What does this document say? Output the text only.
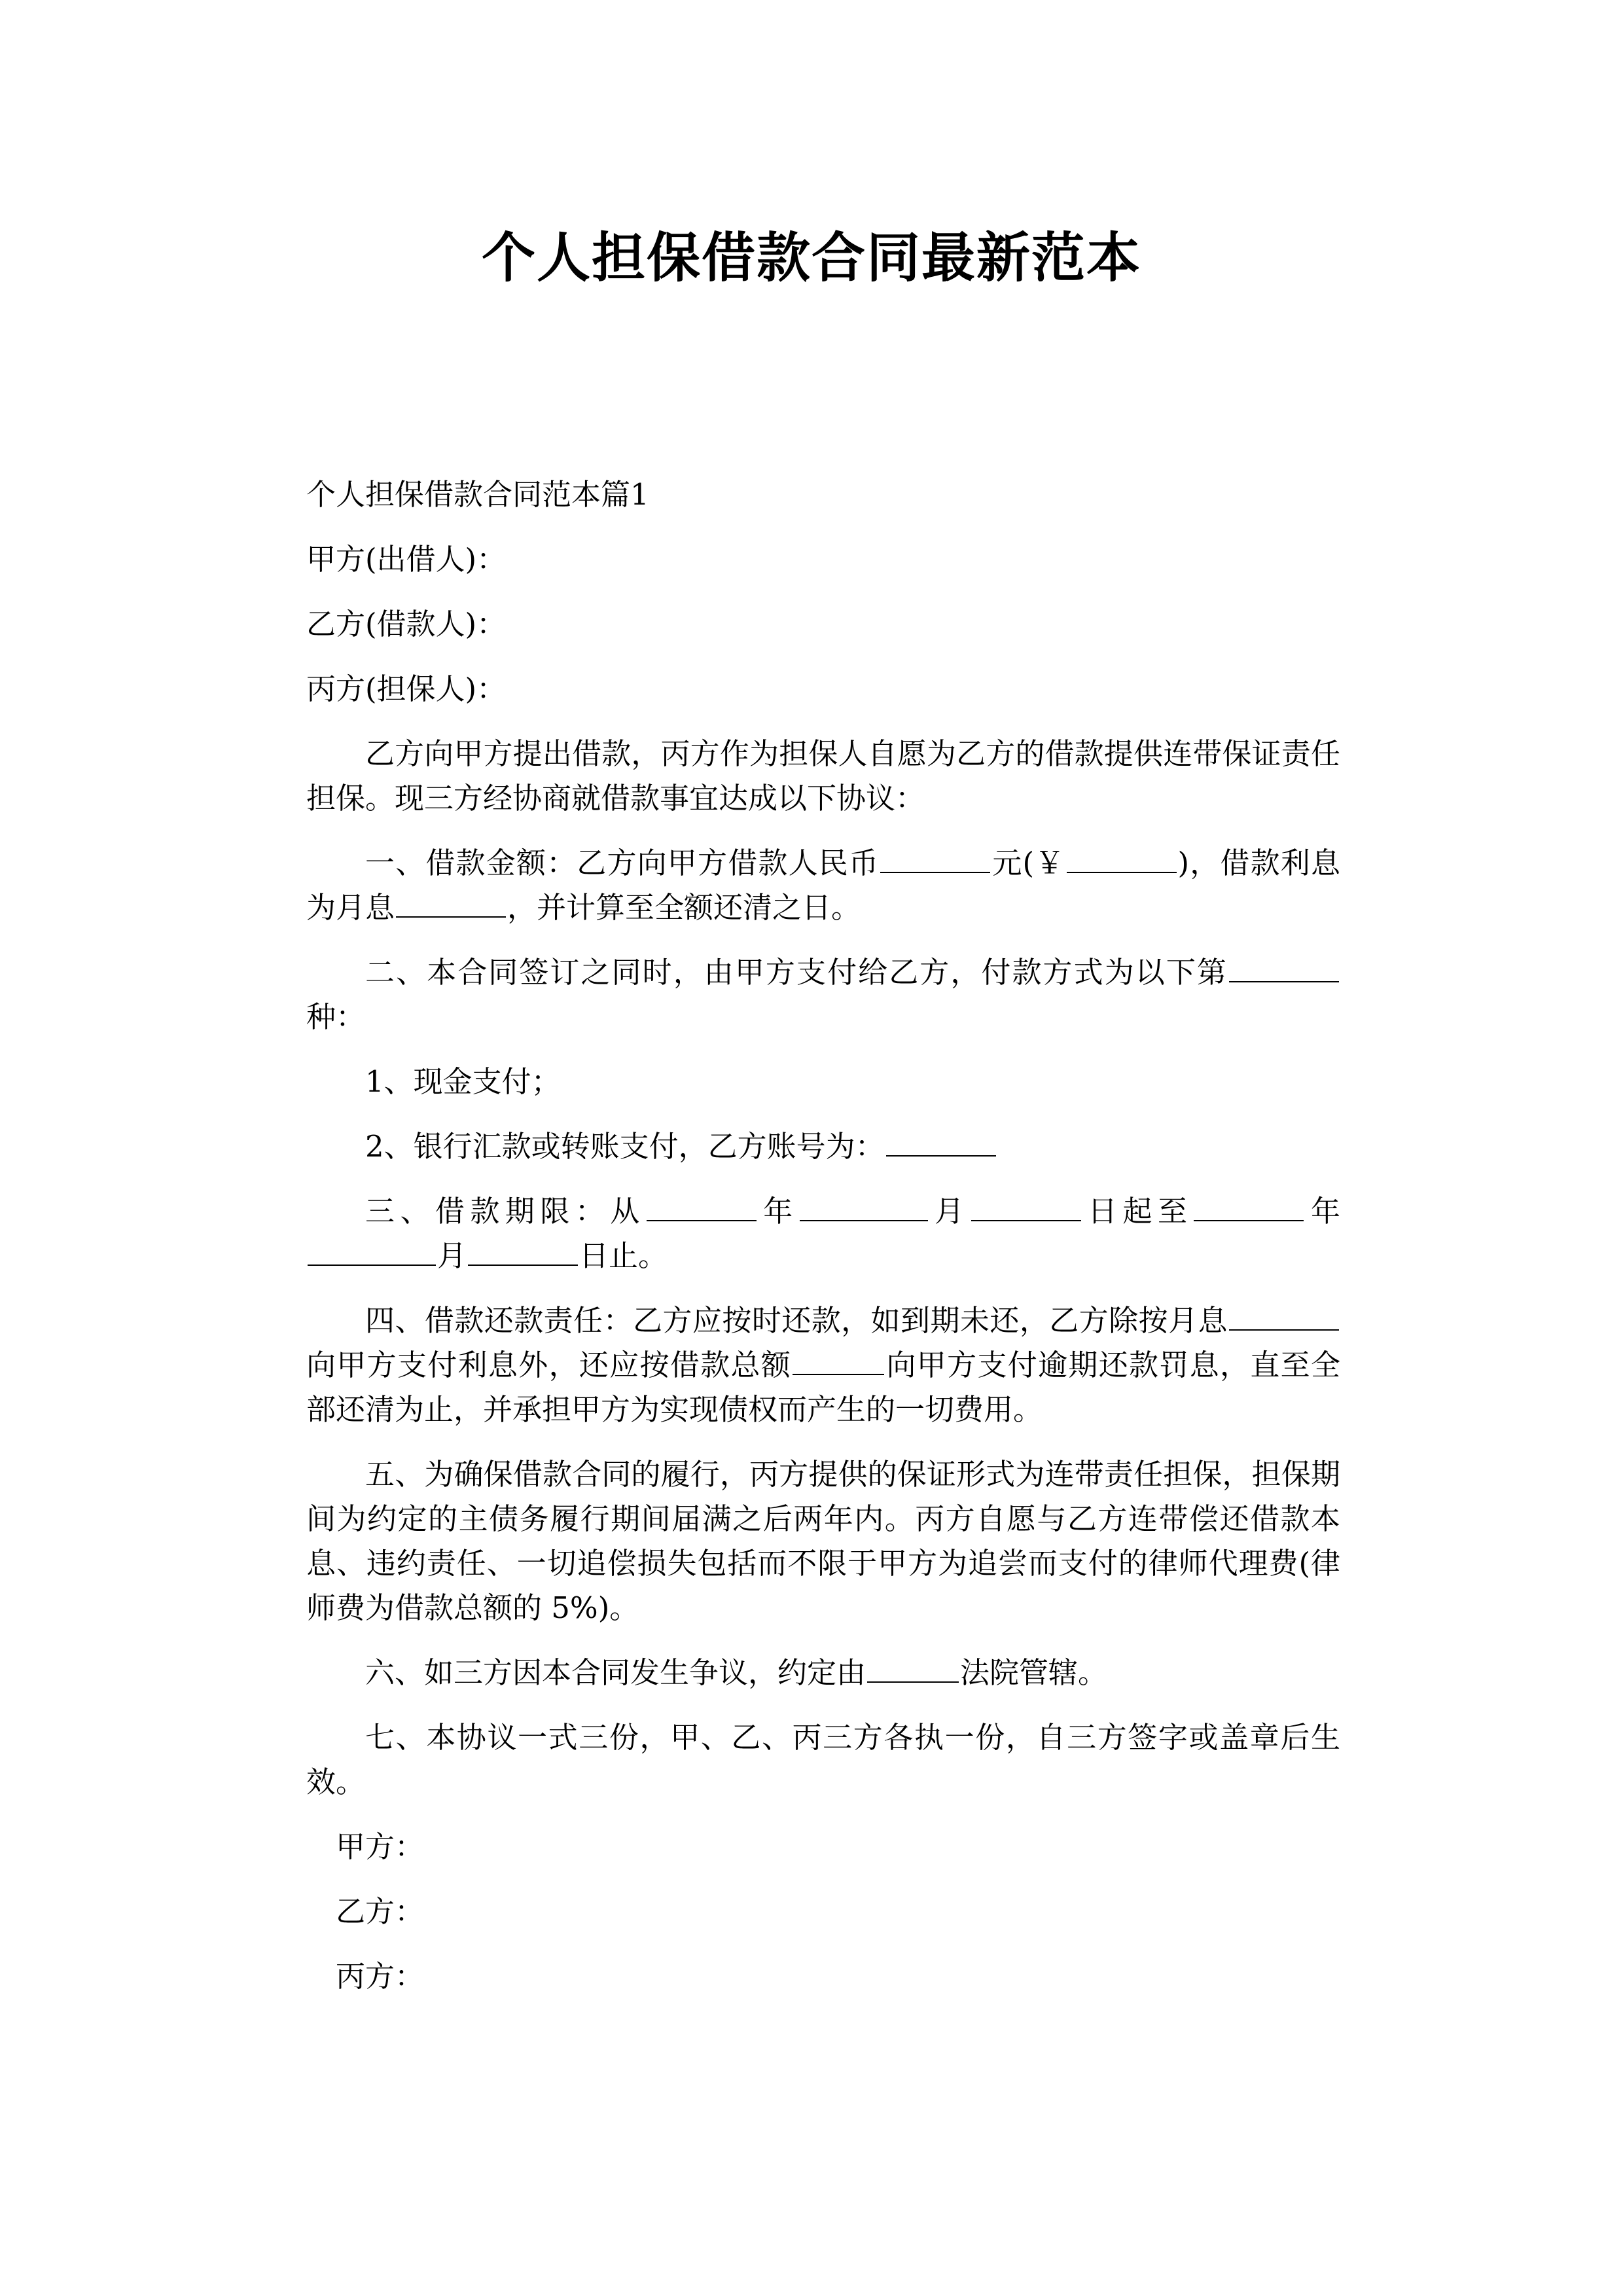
个人担保借款合同最新范本

个人担保借款合同范本篇1

甲方(出借人)：

乙方(借款人)：

丙方(担保人)：

乙方向甲方提出借款，丙方作为担保人自愿为乙方的借款提供连带保证责任担保。现三方经协商就借款事宜达成以下协议：

一、借款金额：乙方向甲方借款人民币	元(￥	)，借款利息为月息	，并计算至全额还清之日。

二、本合同签订之同时，由甲方支付给乙方，付款方式为以下第种：

1、现金支付；

2、银行汇款或转账支付，乙方账号为：

三、借款期限：从	年	月	日起至	年月	日止。

四、借款还款责任：乙方应按时还款，如到期未还，乙方除按月息向甲方支付利息外，还应按借款总额	向甲方支付逾期还款罚息，直至全部还清为止，并承担甲方为实现债权而产生的一切费用。

五、为确保借款合同的履行，丙方提供的保证形式为连带责任担保，担保期间为约定的主债务履行期间届满之后两年内。丙方自愿与乙方连带偿还借款本息、违约责任、一切追偿损失包括而不限于甲方为追尝而支付的律师代理费(律师费为借款总额的 5%)。

六、如三方因本合同发生争议，约定由	法院管辖。

七、本协议一式三份，甲、乙、丙三方各执一份，自三方签字或盖章后生效。

甲方：

乙方：

丙方：
